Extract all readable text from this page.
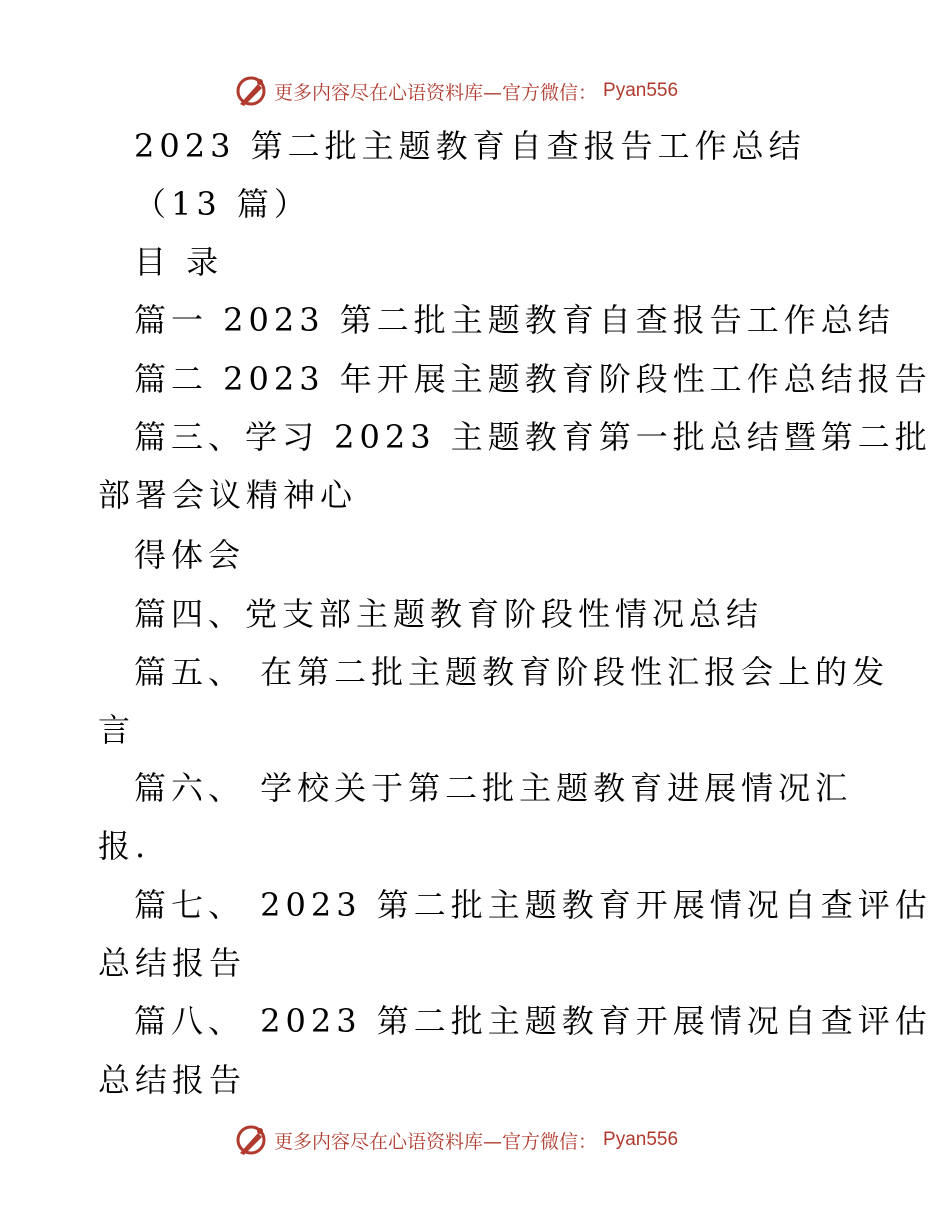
更多内容尽在心语资料库—官方微信： Pyan556
2023 第二批主题教育自查报告工作总结
（13 篇）
目 录
篇一 2023 第二批主题教育自查报告工作总结
篇二 2023 年开展主题教育阶段性工作总结报告
篇三、学习 2023 主题教育第一批总结暨第二批
部署会议精神心
得体会
篇四、党支部主题教育阶段性情况总结
篇五、 在第二批主题教育阶段性汇报会上的发
言
篇六、 学校关于第二批主题教育进展情况汇
报.
篇七、 2023 第二批主题教育开展情况自查评估
总结报告
篇八、 2023 第二批主题教育开展情况自查评估
总结报告
更多内容尽在心语资料库—官方微信： Pyan556
